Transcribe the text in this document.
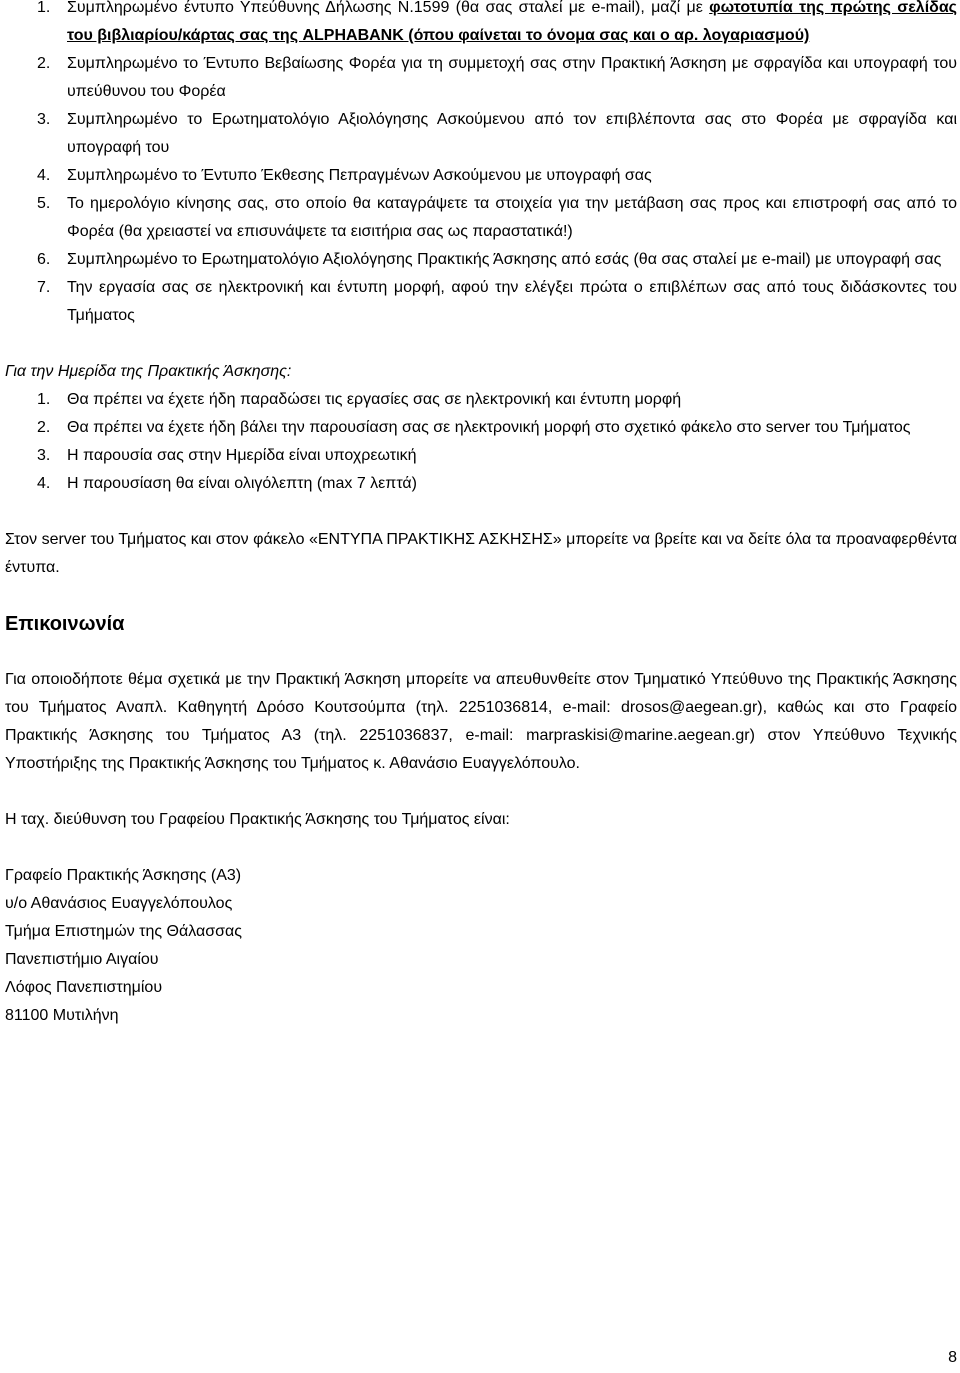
1.	Συμπληρωμένο έντυπο Υπεύθυνης Δήλωσης Ν.1599 (θα σας σταλεί με e-mail), μαζί με φωτοτυπία της πρώτης σελίδας του βιβλιαρίου/κάρτας σας της ALPHABANK (όπου φαίνεται το όνομα σας και ο αρ. λογαριασμού)
2.	Συμπληρωμένο το Έντυπο Βεβαίωσης Φορέα για τη συμμετοχή σας στην Πρακτική Άσκηση με σφραγίδα και υπογραφή του υπεύθυνου του Φορέα
3.	Συμπληρωμένο το Ερωτηματολόγιο Αξιολόγησης Ασκούμενου από τον επιβλέποντα σας στο Φορέα με σφραγίδα και υπογραφή του
4.	Συμπληρωμένο το Έντυπο Έκθεσης Πεπραγμένων Ασκούμενου με υπογραφή σας
5.	Το ημερολόγιο κίνησης σας, στο οποίο θα καταγράψετε τα στοιχεία για την μετάβαση σας προς και επιστροφή σας από το Φορέα (θα χρειαστεί να επισυνάψετε τα εισιτήρια σας ως παραστατικά!)
6.	Συμπληρωμένο το Ερωτηματολόγιο Αξιολόγησης Πρακτικής Άσκησης από εσάς (θα σας σταλεί με e-mail) με υπογραφή σας
7.	Την εργασία σας σε ηλεκτρονική και έντυπη μορφή, αφού την ελέγξει πρώτα ο επιβλέπων σας από τους διδάσκοντες του Τμήματος

Για την Ημερίδα της Πρακτικής Άσκησης:

1.	Θα πρέπει να έχετε ήδη παραδώσει τις εργασίες σας σε ηλεκτρονική και έντυπη μορφή
2.	Θα πρέπει να έχετε ήδη βάλει την παρουσίαση σας σε ηλεκτρονική μορφή στο σχετικό φάκελο στο server του Τμήματος
3.	Η παρουσία σας στην Ημερίδα είναι υποχρεωτική
4.	Η παρουσίαση θα είναι ολιγόλεπτη (max 7 λεπτά)

Στον server του Τμήματος και στον φάκελο «ΕΝΤΥΠΑ ΠΡΑΚΤΙΚΗΣ ΑΣΚΗΣΗΣ» μπορείτε να βρείτε και να δείτε όλα τα προαναφερθέντα έντυπα.

Επικοινωνία

Για οποιοδήποτε θέμα σχετικά με την Πρακτική Άσκηση μπορείτε να απευθυνθείτε στον Τμηματικό Υπεύθυνο της Πρακτικής Άσκησης του Τμήματος Αναπλ. Καθηγητή Δρόσο Κουτσούμπα (τηλ. 2251036814, e-mail: drosos@aegean.gr), καθώς και στο Γραφείο Πρακτικής Άσκησης του Τμήματος Α3 (τηλ. 2251036837, e-mail: marpraskisi@marine.aegean.gr) στον Υπεύθυνο Τεχνικής Υποστήριξης της Πρακτικής Άσκησης του Τμήματος κ. Αθανάσιο Ευαγγελόπουλο.

Η ταχ. διεύθυνση του Γραφείου Πρακτικής Άσκησης του Τμήματος είναι:

Γραφείο Πρακτικής Άσκησης (Α3)

υ/ο Αθανάσιος Ευαγγελόπουλος

Τμήμα Επιστημών της Θάλασσας

Πανεπιστήμιο Αιγαίου

Λόφος Πανεπιστημίου

81100 Μυτιλήνη

8
